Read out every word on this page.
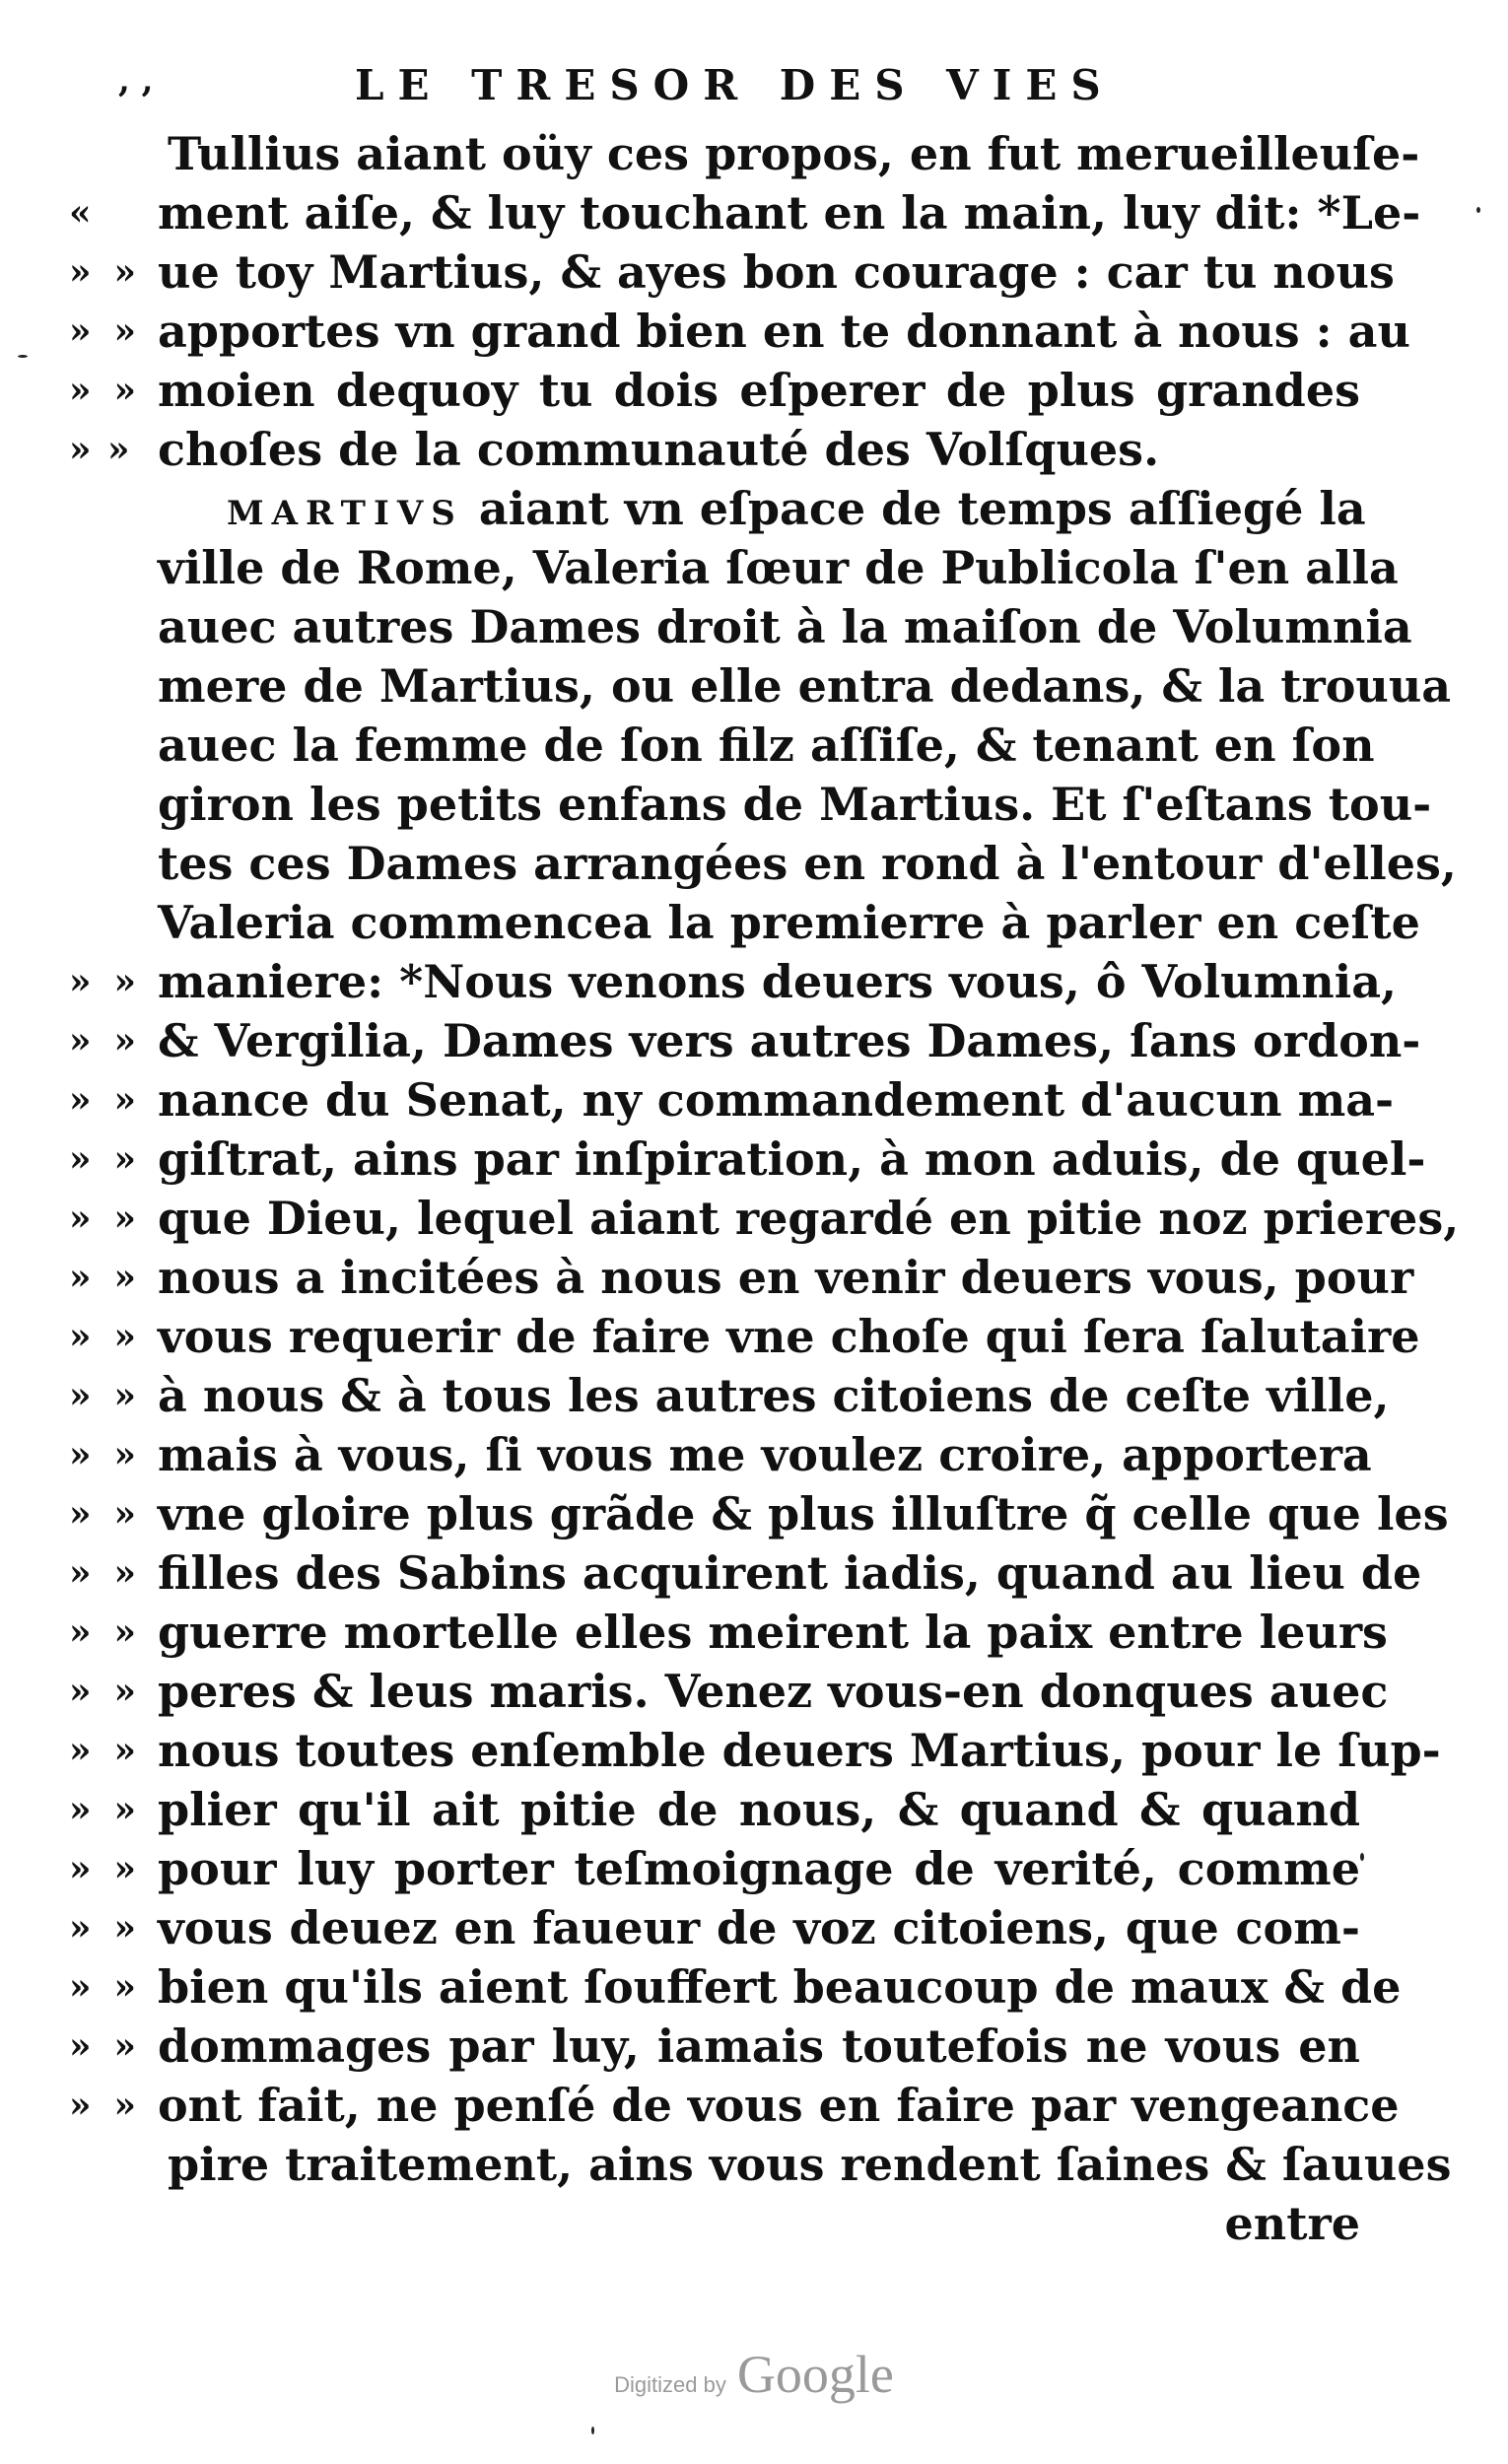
, ,	LE TRESOR DES VIES
Tullius aiant oüy ces propos, en fut merueilleuſe-
«	ment aiſe, & luy touchant en la main, luy dit: *Le-
» » ue toy Martius, & ayes bon courage : car tu nous
» » apportes vn grand bien en te donnant à nous : au
» » moien dequoy tu dois eſperer de plus grandes
» » choſes de la communauté des Volſques.
MARTIVS aiant vn eſpace de temps aſſiegé la
ville de Rome, Valeria ſœur de Publicola ſ'en alla
auec autres Dames droit à la maiſon de Volumnia
mere de Martius, ou elle entra dedans, & la trouua
auec la femme de ſon filz aſſiſe, & tenant en ſon
giron les petits enfans de Martius. Et ſ'eſtans tou-
tes ces Dames arrangées en rond à l'entour d'elles,
Valeria commencea la premierre à parler en ceſte
» » maniere: *Nous venons deuers vous, ô Volumnia,
» » & Vergilia, Dames vers autres Dames, ſans ordon-
» » nance du Senat, ny commandement d'aucun ma-
» » giſtrat, ains par inſpiration, à mon aduis, de quel-
» » que Dieu, lequel aiant regardé en pitie noz prieres,
» » nous a incitées à nous en venir deuers vous, pour
» » vous requerir de faire vne choſe qui ſera ſalutaire
» » à nous & à tous les autres citoiens de ceſte ville,
» » mais à vous, ſi vous me voulez croire, apportera
» » vne gloire plus grãde & plus illuſtre q̃ celle que les
» » filles des Sabins acquirent iadis, quand au lieu de
» » guerre mortelle elles meirent la paix entre leurs
» » peres & leus maris. Venez vous-en donques auec
» » nous toutes enſemble deuers Martius, pour le ſup-
» » plier qu'il ait pitie de nous, & quand & quand
» » pour luy porter teſmoignage de verité, comme
» » vous deuez en faueur de voz citoiens, que com-
» » bien qu'ils aient ſouffert beaucoup de maux & de
» » dommages par luy, iamais toutefois ne vous en
» » ont fait, ne penſé de vous en faire par vengeance
pire traitement, ains vous rendent ſaines & ſauues
entre
Digitized by Google
